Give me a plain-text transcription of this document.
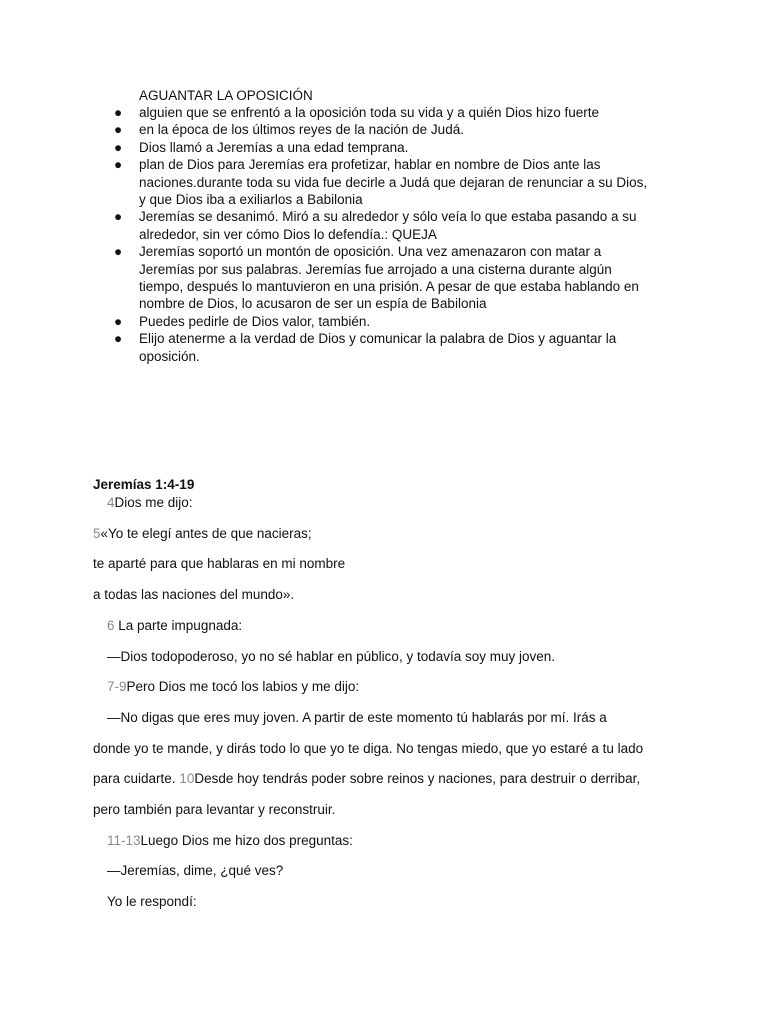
AGUANTAR LA OPOSICIÓN
●	alguien que se enfrentó a la oposición toda su vida y a quién Dios hizo fuerte
●	en la época de los últimos reyes de la nación de Judá.
●	Dios llamó a Jeremías a una edad temprana.
●	plan de Dios para Jeremías era profetizar, hablar en nombre de Dios ante las naciones.durante toda su vida fue decirle a Judá que dejaran de renunciar a su Dios, y que Dios iba a exiliarlos a Babilonia
●	Jeremías se desanimó. Miró a su alrededor y sólo veía lo que estaba pasando a su alrededor, sin ver cómo Dios lo defendía.: QUEJA
●	Jeremías soportó un montón de oposición. Una vez amenazaron con matar a Jeremías por sus palabras. Jeremías fue arrojado a una cisterna durante algún tiempo, después lo mantuvieron en una prisión. A pesar de que estaba hablando en nombre de Dios, lo acusaron de ser un espía de Babilonia
●	Puedes pedirle de Dios valor, también.
●	Elijo atenerme a la verdad de Dios y comunicar la palabra de Dios y aguantar la oposición.
Jeremías 1:4-19
4Dios me dijo:
5«Yo te elegí antes de que nacieras;
te aparté para que hablaras en mi nombre
a todas las naciones del mundo».
6 La parte impugnada:
—Dios todopoderoso, yo no sé hablar en público, y todavía soy muy joven.
7-9Pero Dios me tocó los labios y me dijo:
—No digas que eres muy joven. A partir de este momento tú hablarás por mí. Irás a
donde yo te mande, y dirás todo lo que yo te diga. No tengas miedo, que yo estaré a tu lado
para cuidarte. 10Desde hoy tendrás poder sobre reinos y naciones, para destruir o derribar,
pero también para levantar y reconstruir.
11-13Luego Dios me hizo dos preguntas:
—Jeremías, dime, ¿qué ves?
Yo le respondí:
